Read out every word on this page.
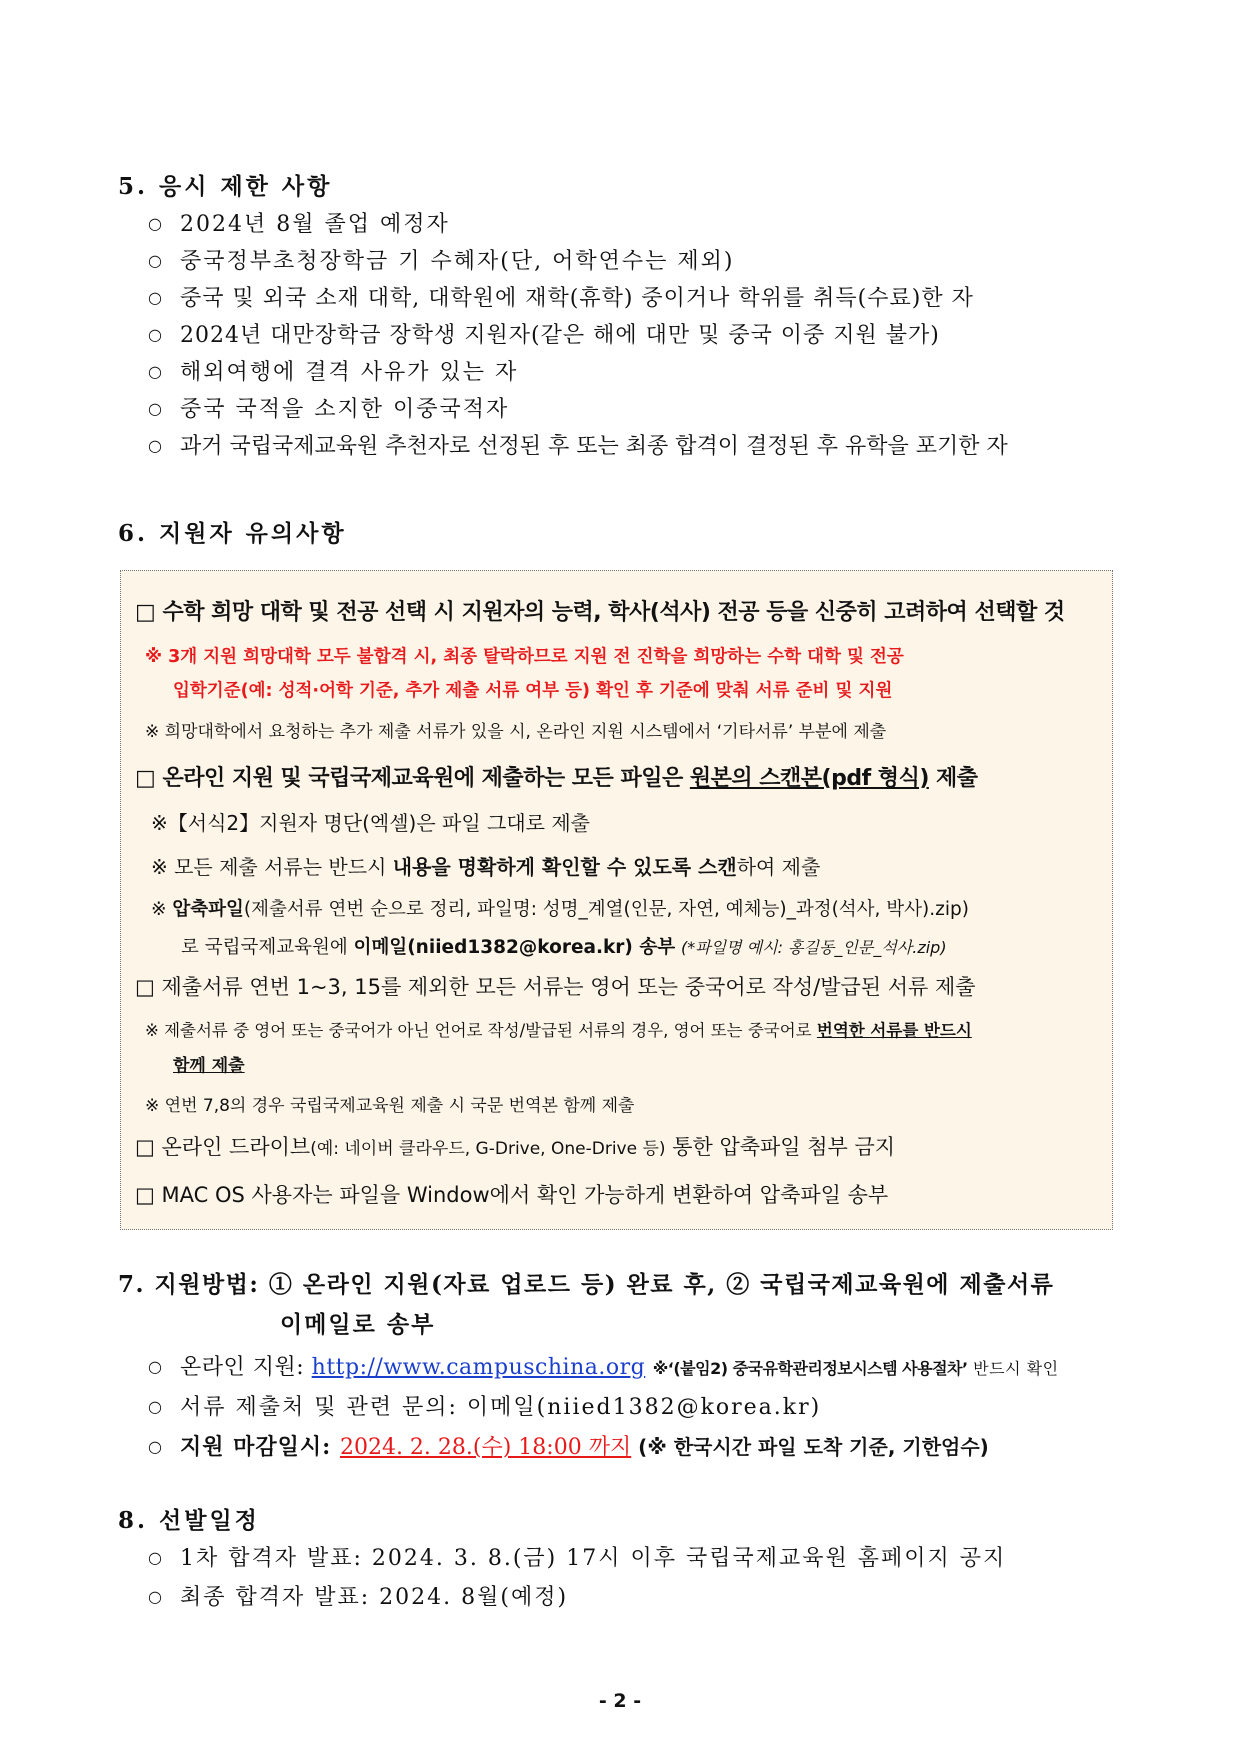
5. 응시 제한 사항
○ 2024년 8월 졸업 예정자
○ 중국정부초청장학금 기 수혜자(단, 어학연수는 제외)
○ 중국 및 외국 소재 대학, 대학원에 재학(휴학) 중이거나 학위를 취득(수료)한 자
○ 2024년 대만장학금 장학생 지원자(같은 해에 대만 및 중국 이중 지원 불가)
○ 해외여행에 결격 사유가 있는 자
○ 중국 국적을 소지한 이중국적자
○ 과거 국립국제교육원 추천자로 선정된 후 또는 최종 합격이 결정된 후 유학을 포기한 자
6. 지원자 유의사항
□ 수학 희망 대학 및 전공 선택 시 지원자의 능력, 학사(석사) 전공 등을 신중히 고려하여 선택할 것
※ 3개 지원 희망대학 모두 불합격 시, 최종 탈락하므로 지원 전 진학을 희망하는 수학 대학 및 전공
입학기준(예: 성적·어학 기준, 추가 제출 서류 여부 등) 확인 후 기준에 맞춰 서류 준비 및 지원
※ 희망대학에서 요청하는 추가 제출 서류가 있을 시, 온라인 지원 시스템에서 ‘기타서류’ 부분에 제출
□ 온라인 지원 및 국립국제교육원에 제출하는 모든 파일은 원본의 스캔본(pdf 형식) 제출
※【서식2】지원자 명단(엑셀)은 파일 그대로 제출
※ 모든 제출 서류는 반드시 내용을 명확하게 확인할 수 있도록 스캔하여 제출
※ 압축파일(제출서류 연번 순으로 정리, 파일명: 성명_계열(인문, 자연, 예체능)_과정(석사, 박사).zip)
로 국립국제교육원에 이메일(niied1382@korea.kr) 송부 (*파일명 예시: 홍길동_인문_석사.zip)
□ 제출서류 연번 1~3, 15를 제외한 모든 서류는 영어 또는 중국어로 작성/발급된 서류 제출
※ 제출서류 중 영어 또는 중국어가 아닌 언어로 작성/발급된 서류의 경우, 영어 또는 중국어로 번역한 서류를 반드시
함께 제출
※ 연번 7,8의 경우 국립국제교육원 제출 시 국문 번역본 함께 제출
□ 온라인 드라이브(예: 네이버 클라우드, G-Drive, One-Drive 등) 통한 압축파일 첨부 금지
□ MAC OS 사용자는 파일을 Window에서 확인 가능하게 변환하여 압축파일 송부
7. 지원방법: ① 온라인 지원(자료 업로드 등) 완료 후, ② 국립국제교육원에 제출서류
이메일로 송부
○ 온라인 지원: http://www.campuschina.org ※‘(붙임2) 중국유학관리정보시스템 사용절차’ 반드시 확인
○ 서류 제출처 및 관련 문의: 이메일(niied1382@korea.kr)
○ 지원 마감일시: 2024. 2. 28.(수) 18:00 까지 (※ 한국시간 파일 도착 기준, 기한엄수)
8. 선발일정
○ 1차 합격자 발표: 2024. 3. 8.(금) 17시 이후 국립국제교육원 홈페이지 공지
○ 최종 합격자 발표: 2024. 8월(예정)
- 2 -
